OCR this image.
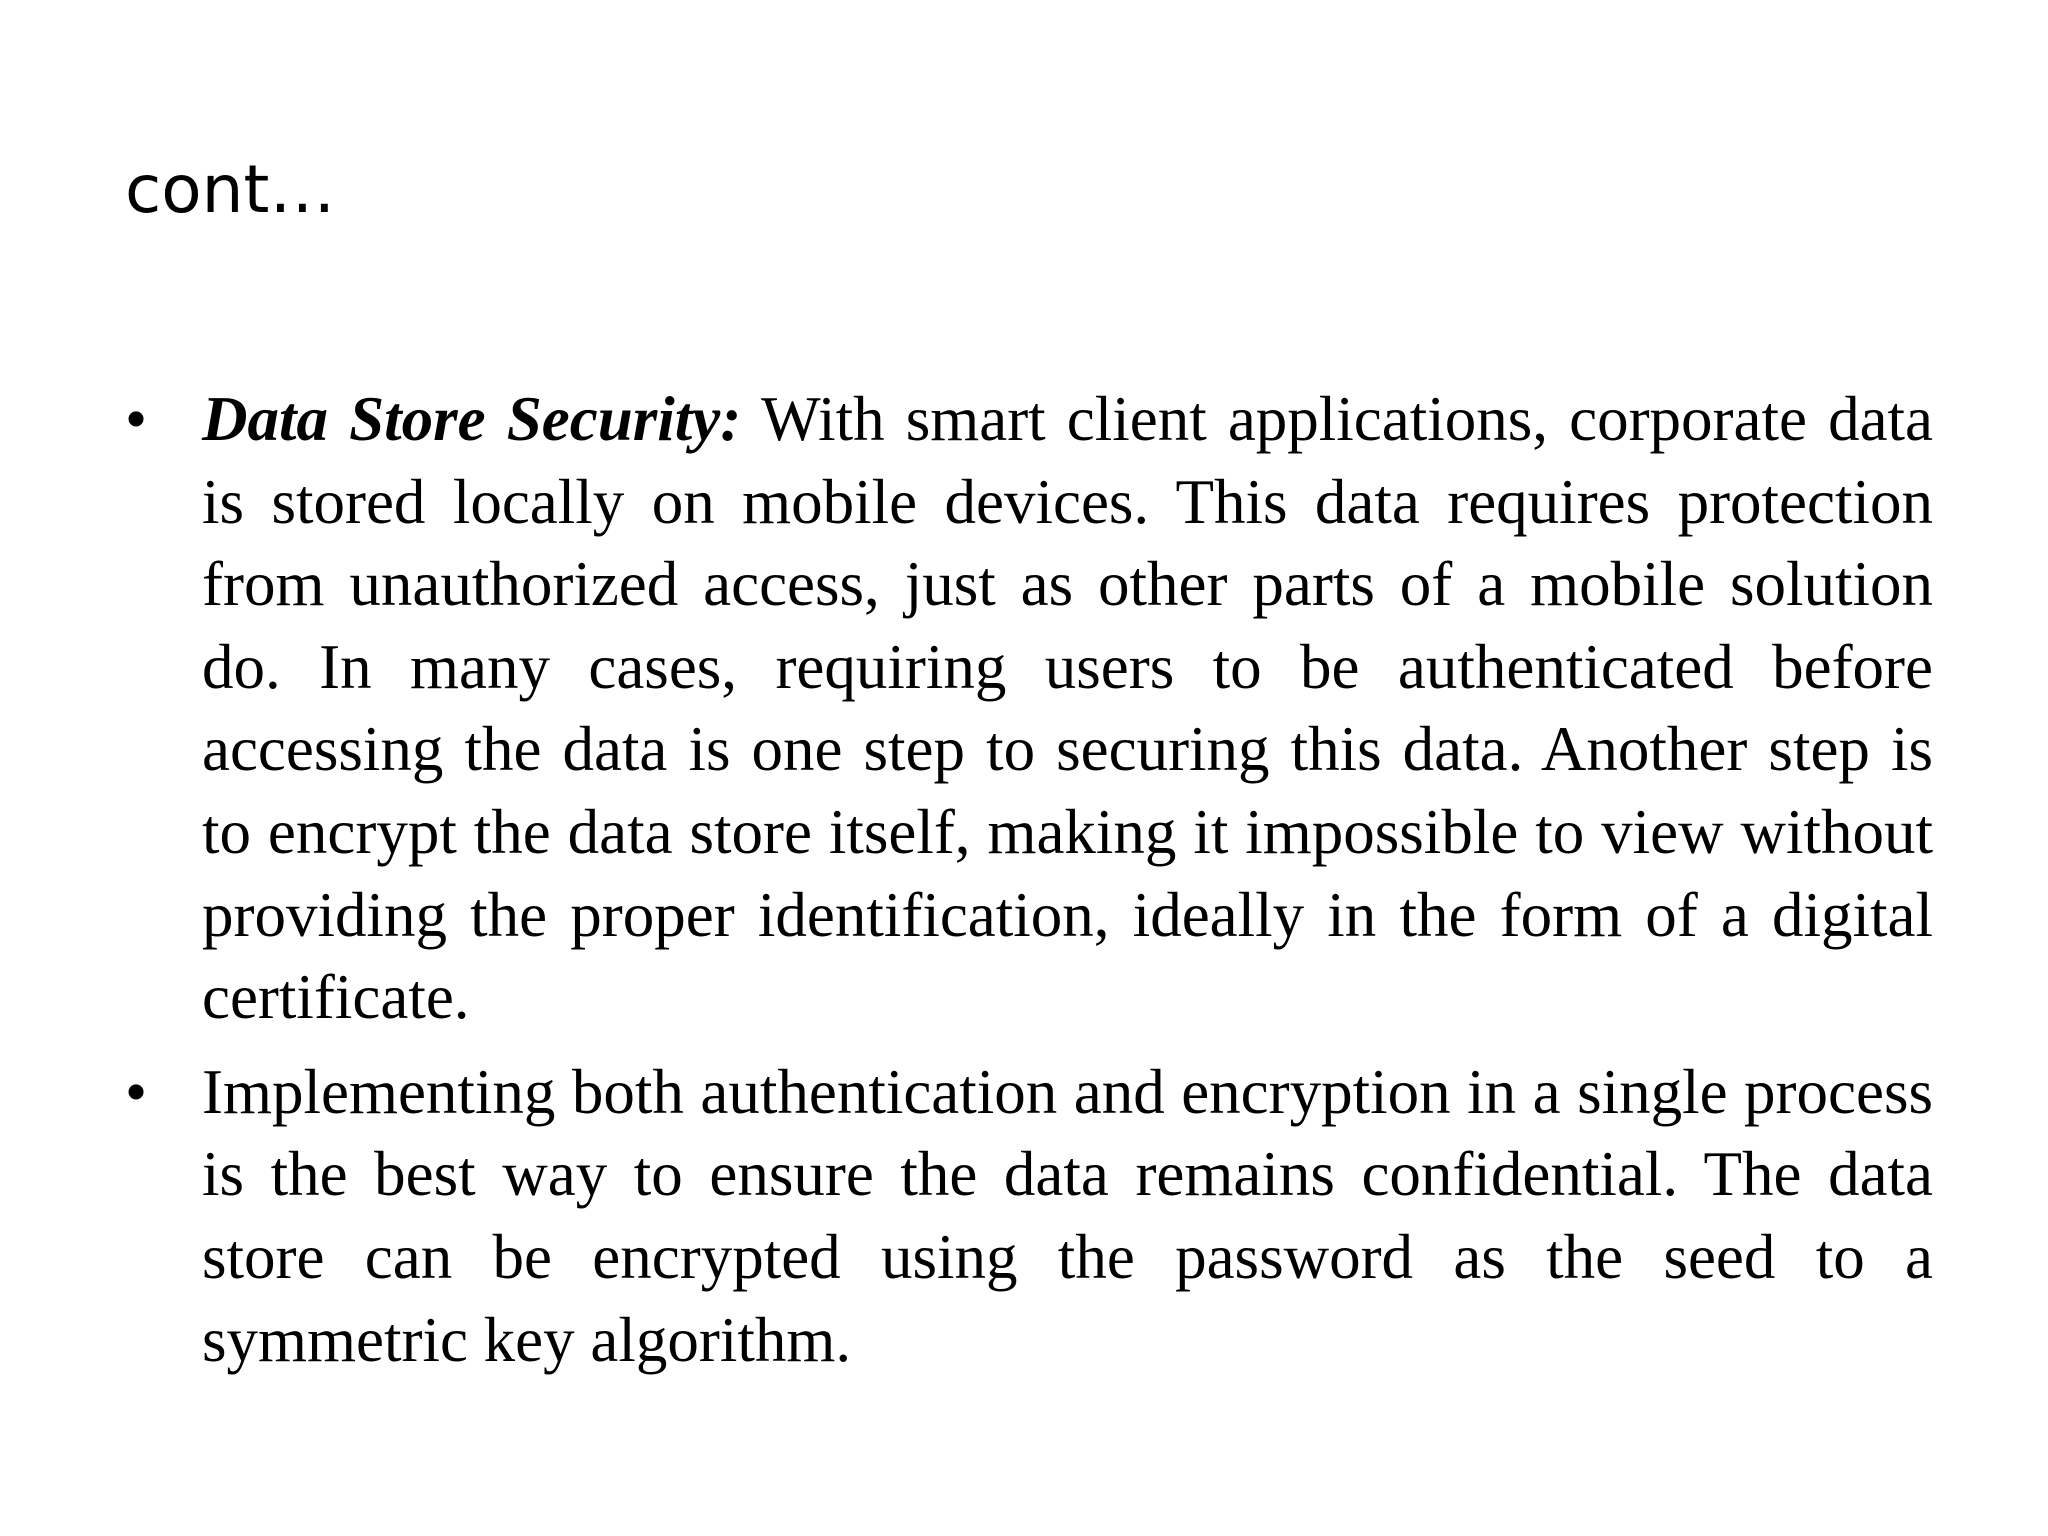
cont…

• Data Store Security: With smart client applications, corporate data is stored locally on mobile devices. This data requires protection from unauthorized access, just as other parts of a mobile solution do. In many cases, requiring users to be authenticated before accessing the data is one step to securing this data. Another step is to encrypt the data store itself, making it impossible to view without providing the proper identification, ideally in the form of a digital certificate.

• Implementing both authentication and encryption in a single process is the best way to ensure the data remains confidential. The data store can be encrypted using the password as the seed to a symmetric key algorithm.
